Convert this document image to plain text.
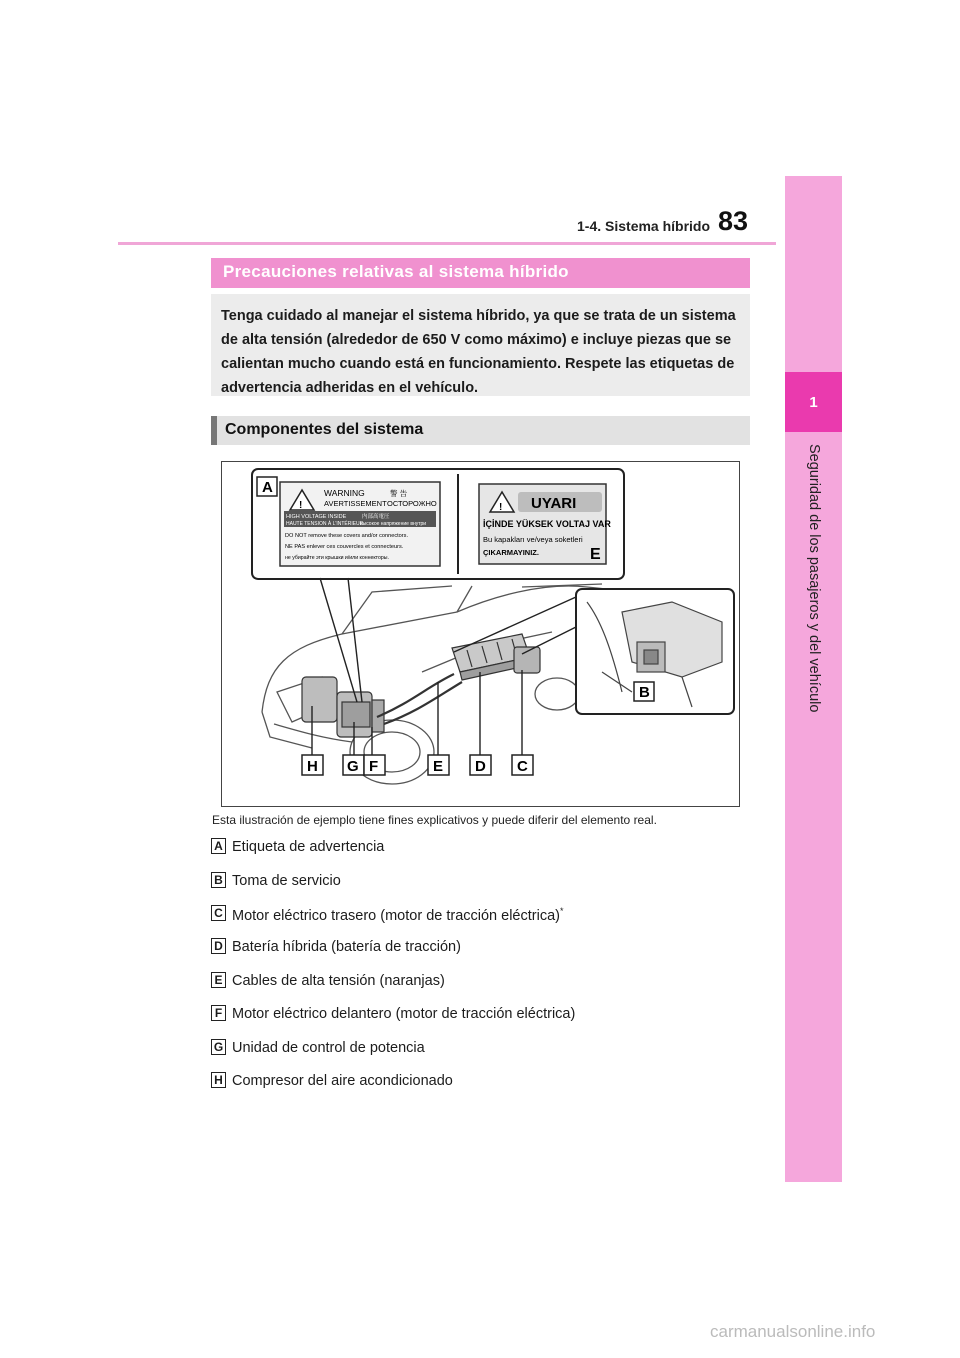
83
1-4. Sistema híbrido
1
Seguridad de los pasajeros y del vehículo
Precauciones relativas al sistema híbrido

Tenga cuidado al manejar el sistema híbrido, ya que se trata de un sistema

de alta tensión (alrededor de 650 V como máximo) e incluye piezas que se

calientan mucho cuando está en funcionamiento. Respete las etiquetas de

advertencia adheridas en el vehículo.

Componentes del sistema
!
WARNING	警 告
AVERTISSEMENT ОСТОРОЖНО
HIGH VOLTAGE INSIDE	内部高電圧
HAUTE TENSION À L'INTÉRIEUR
высокое напряжение внутри
DO NOT remove these covers and/or connectors.
NE PAS enlever ces couvercles et connecteurs.
не убирайте эти крышки и/или коннекторы.
! UYARI
İÇİNDE YÜKSEK VOLTAJ VAR
Bu kapakları ve/veya soketleri
ÇIKARMAYINIZ.
A
E
B
H G F	E D C
Esta ilustración de ejemplo tiene fines explicativos y puede diferir del elemento real.
A Etiqueta de advertencia
B Toma de servicio
C Motor eléctrico trasero (motor de tracción eléctrica)*
D Batería híbrida (batería de tracción)
E Cables de alta tensión (naranjas)
F Motor eléctrico delantero (motor de tracción eléctrica)
G Unidad de control de potencia
H Compresor del aire acondicionado
carmanualsonline.info
